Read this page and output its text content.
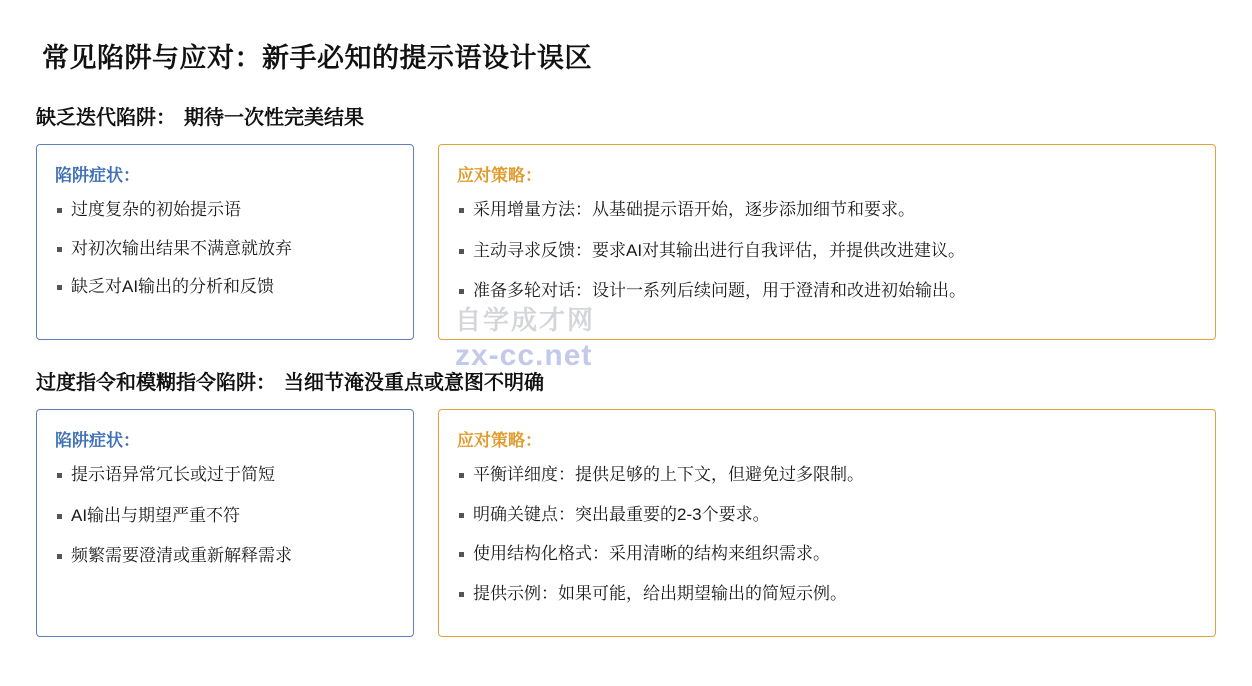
常见陷阱与应对：新手必知的提示语设计误区
缺乏迭代陷阱： 期待一次性完美结果
陷阱症状：
过度复杂的初始提示语
对初次输出结果不满意就放弃
缺乏对AI输出的分析和反馈
应对策略：
采用增量方法：从基础提示语开始，逐步添加细节和要求。
主动寻求反馈：要求AI对其输出进行自我评估，并提供改进建议。
准备多轮对话：设计一系列后续问题，用于澄清和改进初始输出。
过度指令和模糊指令陷阱： 当细节淹没重点或意图不明确
陷阱症状：
提示语异常冗长或过于简短
AI输出与期望严重不符
频繁需要澄清或重新解释需求
应对策略：
平衡详细度：提供足够的上下文，但避免过多限制。
明确关键点：突出最重要的2-3个要求。
使用结构化格式：采用清晰的结构来组织需求。
提供示例：如果可能，给出期望输出的简短示例。
自学成才网
zx-cc.net
